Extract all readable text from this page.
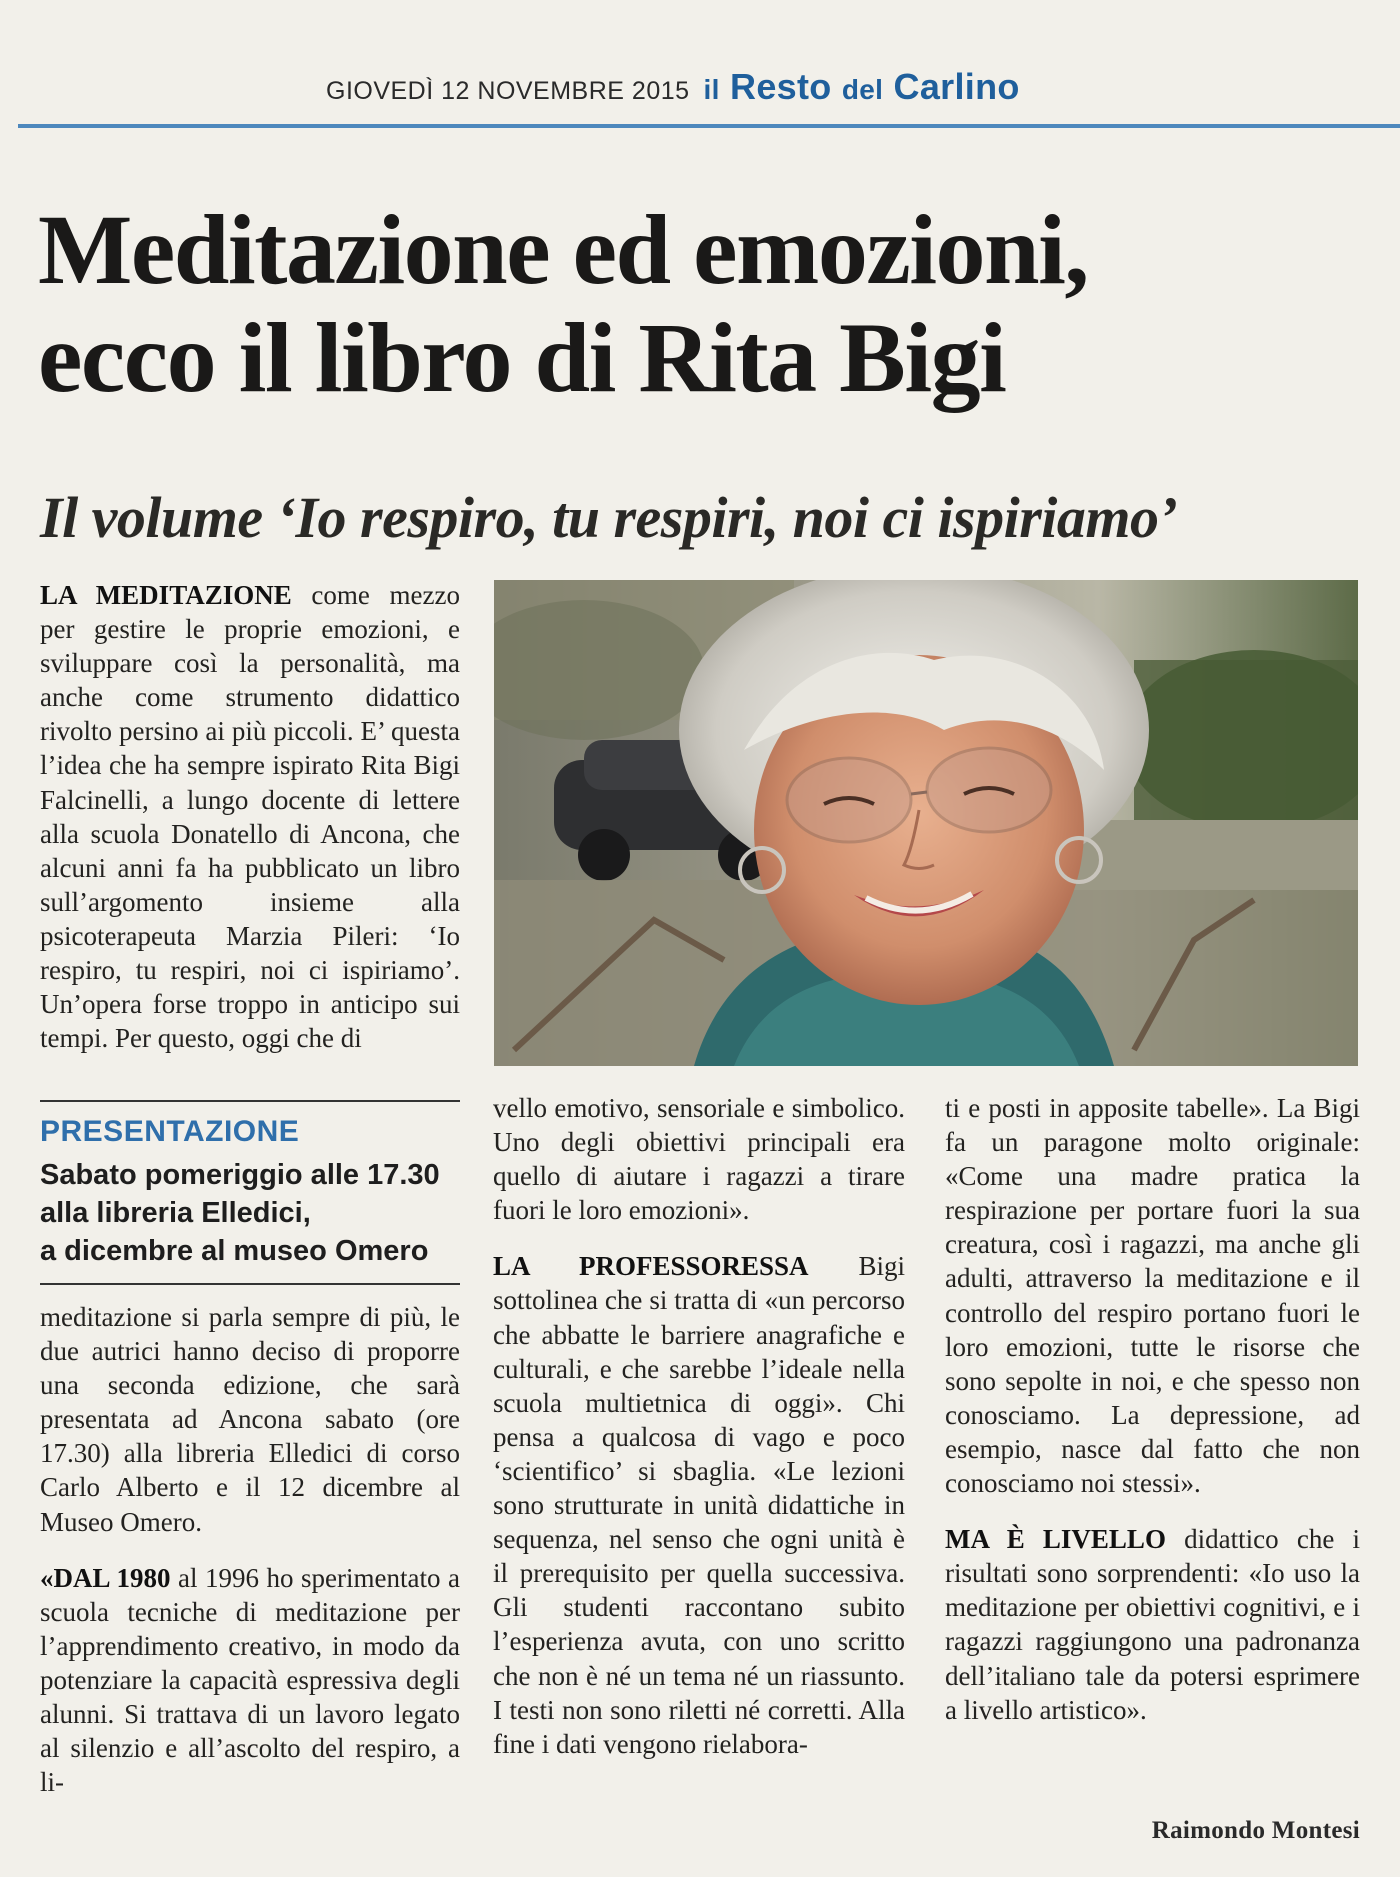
GIOVEDÌ 12 NOVEMBRE 2015 il Resto del Carlino
Meditazione ed emozioni,
ecco il libro di Rita Bigi
Il volume ‘Io respiro, tu respiri, noi ci ispiriamo’

LA MEDITAZIONE come mezzo per gestire le proprie emozioni, e sviluppare così la personalità, ma anche come strumento didattico rivolto persino ai più piccoli. E’ questa l’idea che ha sempre ispirato Rita Bigi Falcinelli, a lungo docente di lettere alla scuola Donatello di Ancona, che alcuni anni fa ha pubblicato un libro sull’argomento insieme alla psicoterapeuta Marzia Pileri: ‘Io respiro, tu respiri, noi ci ispiriamo’. Un’opera forse troppo in anticipo sui tempi. Per questo, oggi che di

PRESENTAZIONE
Sabato pomeriggio alle 17.30
alla libreria Elledici,
a dicembre al museo Omero

meditazione si parla sempre di più, le due autrici hanno deciso di proporre una seconda edizione, che sarà presentata ad Ancona sabato (ore 17.30) alla libreria Elledici di corso Carlo Alberto e il 12 dicembre al Museo Omero.

«DAL 1980 al 1996 ho sperimentato a scuola tecniche di meditazione per l’apprendimento creativo, in modo da potenziare la capacità espressiva degli alunni. Si trattava di un lavoro legato al silenzio e all’ascolto del respiro, a li-

vello emotivo, sensoriale e simbolico. Uno degli obiettivi principali era quello di aiutare i ragazzi a tirare fuori le loro emozioni».

LA PROFESSORESSA Bigi sottolinea che si tratta di «un percorso che abbatte le barriere anagrafiche e culturali, e che sarebbe l’ideale nella scuola multietnica di oggi». Chi pensa a qualcosa di vago e poco ‘scientifico’ si sbaglia. «Le lezioni sono strutturate in unità didattiche in sequenza, nel senso che ogni unità è il prerequisito per quella successiva. Gli studenti raccontano subito l’esperienza avuta, con uno scritto che non è né un tema né un riassunto. I testi non sono riletti né corretti. Alla fine i dati vengono rielabora-

ti e posti in apposite tabelle». La Bigi fa un paragone molto originale: «Come una madre pratica la respirazione per portare fuori la sua creatura, così i ragazzi, ma anche gli adulti, attraverso la meditazione e il controllo del respiro portano fuori le loro emozioni, tutte le risorse che sono sepolte in noi, e che spesso non conosciamo. La depressione, ad esempio, nasce dal fatto che non conosciamo noi stessi».

MA È LIVELLO didattico che i risultati sono sorprendenti: «Io uso la meditazione per obiettivi cognitivi, e i ragazzi raggiungono una padronanza dell’italiano tale da potersi esprimere a livello artistico».

Raimondo Montesi
